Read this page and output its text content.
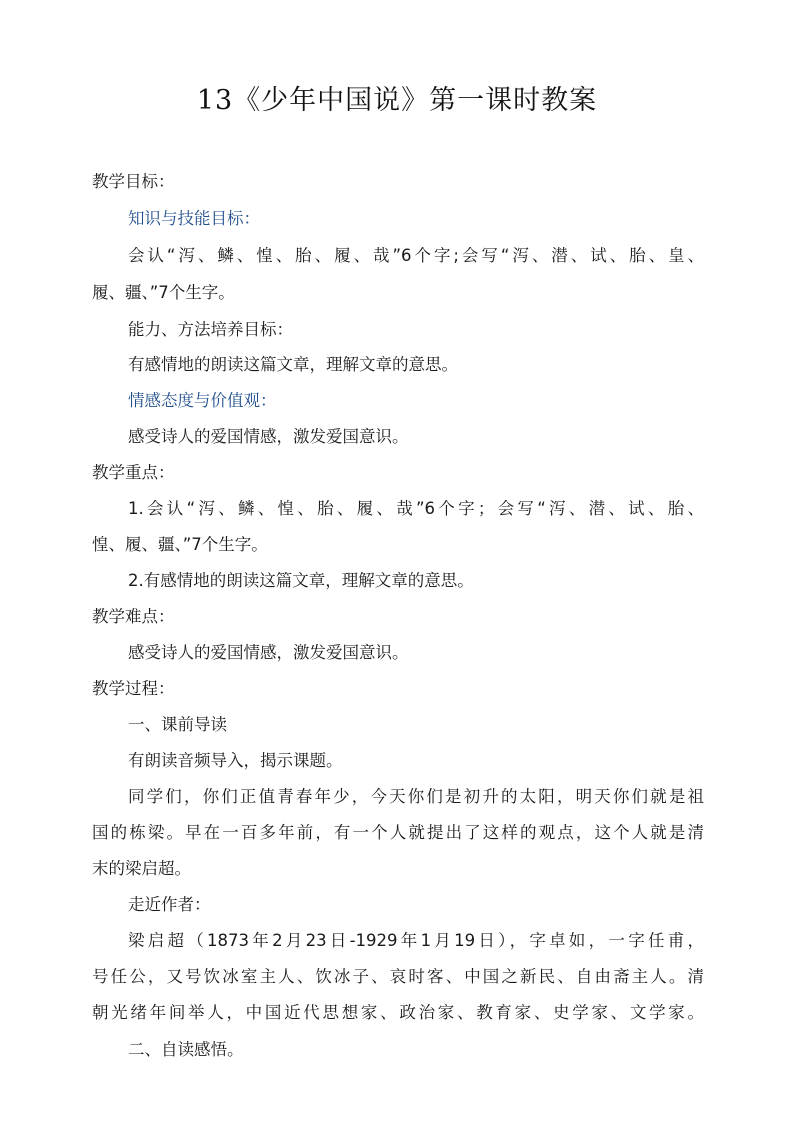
13《少年中国说》第一课时教案
教学目标：
知识与技能目标：
会认“泻、鳞、惶、胎、履、哉”6个字;会写“泻、潜、试、胎、皇、
履、疆、”7个生字。
能力、方法培养目标：
有感情地的朗读这篇文章，理解文章的意思。
情感态度与价值观：
感受诗人的爱国情感，激发爱国意识。
教学重点：
1.会认“泻、鳞、惶、胎、履、哉”6个字；会写“泻、潜、试、胎、
惶、履、疆、”7个生字。
2.有感情地的朗读这篇文章，理解文章的意思。
教学难点：
感受诗人的爱国情感，激发爱国意识。
教学过程：
一、课前导读
有朗读音频导入，揭示课题。
同学们，你们正值青春年少，今天你们是初升的太阳，明天你们就是祖
国的栋梁。早在一百多年前，有一个人就提出了这样的观点，这个人就是清
末的梁启超。
走近作者：
梁启超（1873年2月23日-1929年1月19日），字卓如，一字任甫，
号任公，又号饮冰室主人、饮冰子、哀时客、中国之新民、自由斋主人。清
朝光绪年间举人，中国近代思想家、政治家、教育家、史学家、文学家。
二、自读感悟。
